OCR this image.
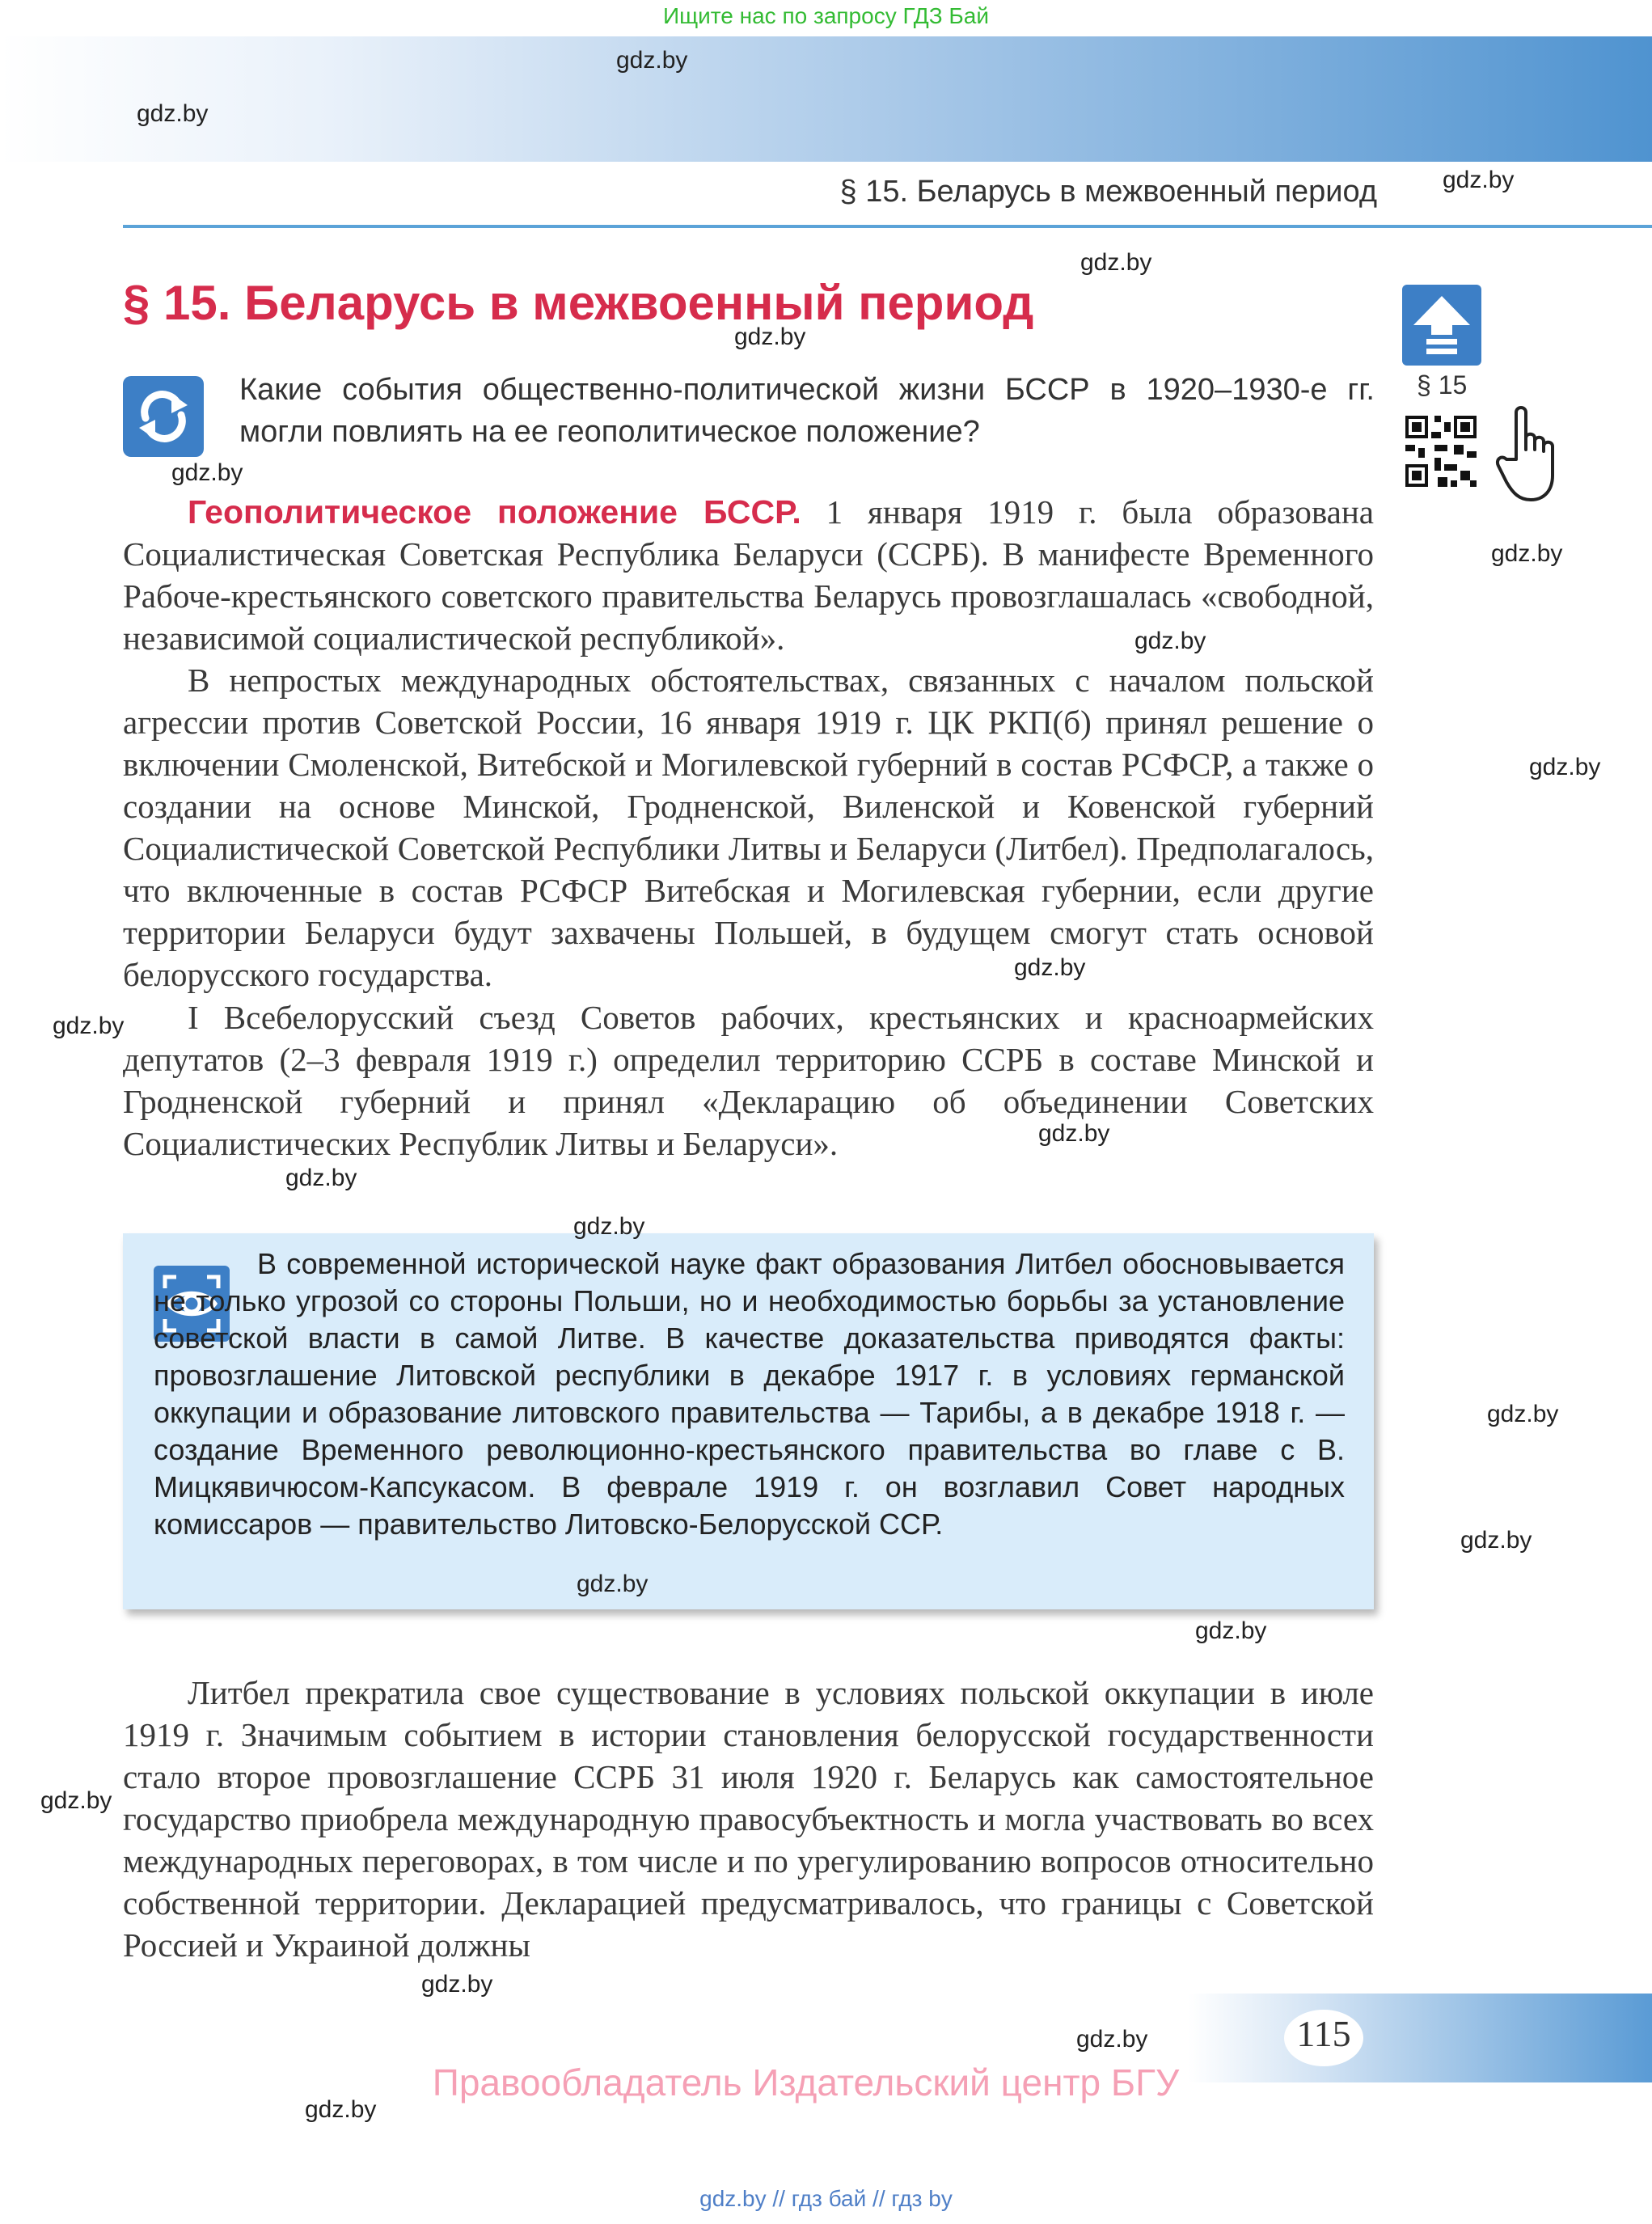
Ищите нас по запросу ГДЗ Бай
§ 15. Беларусь в межвоенный период
§ 15. Беларусь в межвоенный период
Какие события общественно-политической жизни БССР в 1920–1930-е гг. могли повлиять на ее геополитическое положение?
§ 15
Геополитическое положение БССР. 1 января 1919 г. была образована Социалистическая Советская Республика Беларуси (ССРБ). В манифесте Временного Рабоче-крестьянского советского правительства Беларусь провозглашалась «свободной, независимой социалистической республикой».
В непростых международных обстоятельствах, связанных с началом польской агрессии против Советской России, 16 января 1919 г. ЦК РКП(б) принял решение о включении Смоленской, Витебской и Могилевской губерний в состав РСФСР, а также о создании на основе Минской, Гродненской, Виленской и Ковенской губерний Социалистической Советской Республики Литвы и Беларуси (Литбел). Предполагалось, что включенные в состав РСФСР Витебская и Могилевская губернии, если другие территории Беларуси будут захвачены Польшей, в будущем смогут стать основой белорусского государства.
I Всебелорусский съезд Советов рабочих, крестьянских и красноармейских депутатов (2–3 февраля 1919 г.) определил территорию ССРБ в составе Минской и Гродненской губерний и принял «Декларацию об объединении Советских Социалистических Республик Литвы и Беларуси».
В современной исторической науке факт образования Литбел обосновывается не только угрозой со стороны Польши, но и необходимостью борьбы за установление советской власти в самой Литве. В качестве доказательства приводятся факты: провозглашение Литовской республики в декабре 1917 г. в условиях германской оккупации и образование литовского правительства — Тарибы, а в декабре 1918 г. — создание Временного революционно-крестьянского правительства во главе с В. Мицкявичюсом-Капсукасом. В феврале 1919 г. он возглавил Совет народных комиссаров — правительство Литовско-Белорусской ССР.
Литбел прекратила свое существование в условиях польской оккупации в июле 1919 г. Значимым событием в истории становления белорусской государственности стало второе провозглашение ССРБ 31 июля 1920 г. Беларусь как самостоятельное государство приобрела международную правосубъектность и могла участвовать во всех международных переговорах, в том числе и по урегулированию вопросов относительно собственной территории. Декларацией предусматривалось, что границы с Советской Россией и Украиной должны
115
Правообладатель Издательский центр БГУ
gdz.by // гдз бай // гдз by
gdz.by
gdz.by
gdz.by
gdz.by
gdz.by
gdz.by
gdz.by
gdz.by
gdz.by
gdz.by
gdz.by
gdz.by
gdz.by
gdz.by
gdz.by
gdz.by
gdz.by
gdz.by
gdz.by
gdz.by
gdz.by
gdz.by
